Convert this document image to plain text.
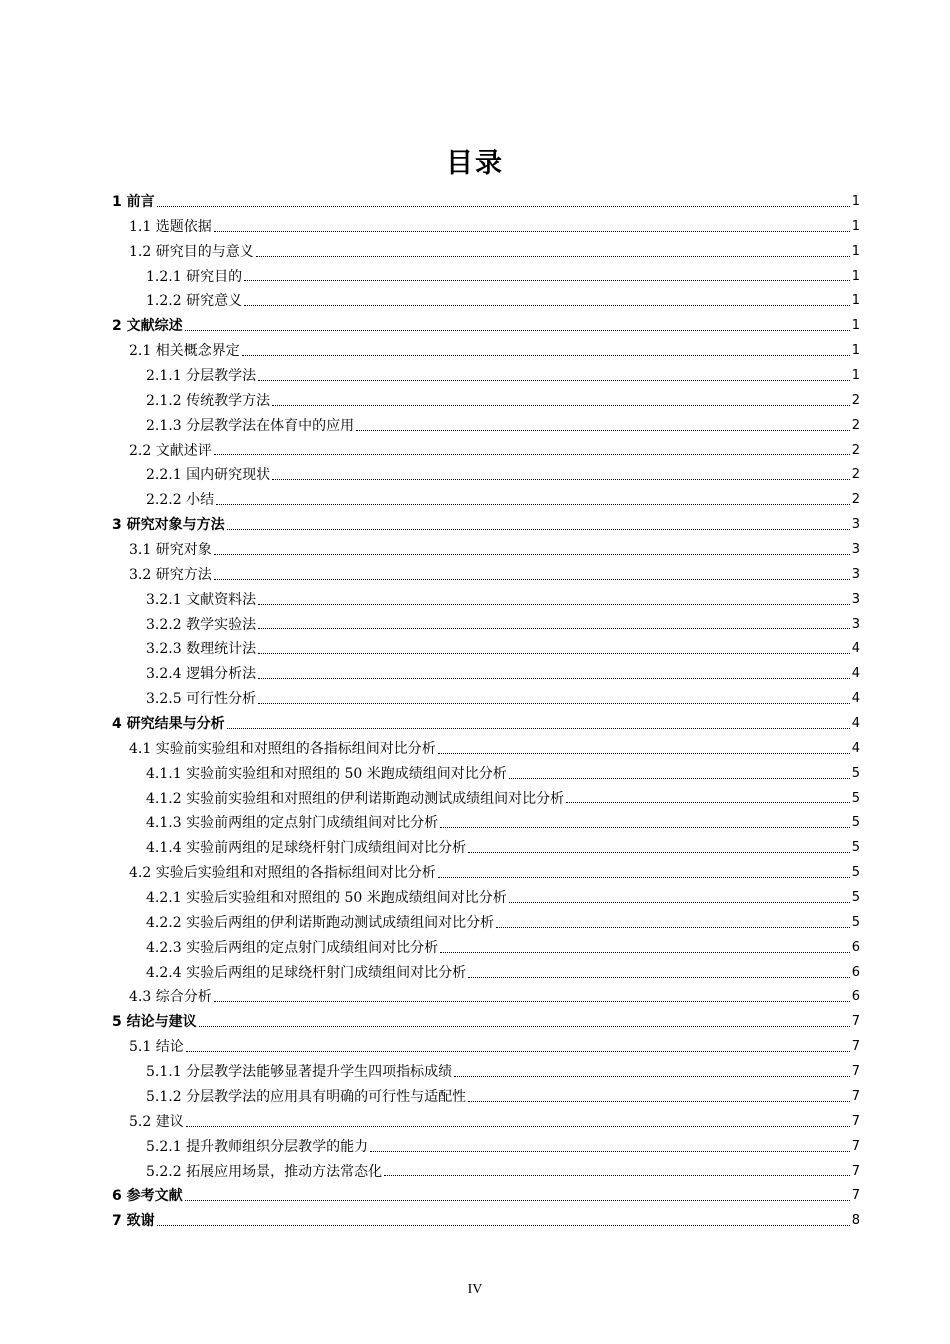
目录
1 前言	1
1.1 选题依据	1
1.2 研究目的与意义	1
1.2.1 研究目的	1
1.2.2 研究意义	1
2 文献综述	1
2.1 相关概念界定	1
2.1.1 分层教学法	1
2.1.2 传统教学方法	2
2.1.3 分层教学法在体育中的应用	2
2.2 文献述评	2
2.2.1 国内研究现状	2
2.2.2 小结	2
3 研究对象与方法	3
3.1 研究对象	3
3.2 研究方法	3
3.2.1 文献资料法	3
3.2.2 教学实验法	3
3.2.3 数理统计法	4
3.2.4 逻辑分析法	4
3.2.5 可行性分析	4
4 研究结果与分析	4
4.1 实验前实验组和对照组的各指标组间对比分析	4
4.1.1 实验前实验组和对照组的 50 米跑成绩组间对比分析	5
4.1.2 实验前实验组和对照组的伊利诺斯跑动测试成绩组间对比分析	5
4.1.3 实验前两组的定点射门成绩组间对比分析	5
4.1.4 实验前两组的足球绕杆射门成绩组间对比分析	5
4.2 实验后实验组和对照组的各指标组间对比分析	5
4.2.1 实验后实验组和对照组的 50 米跑成绩组间对比分析	5
4.2.2 实验后两组的伊利诺斯跑动测试成绩组间对比分析	5
4.2.3 实验后两组的定点射门成绩组间对比分析	6
4.2.4 实验后两组的足球绕杆射门成绩组间对比分析	6
4.3 综合分析	6
5 结论与建议	7
5.1 结论	7
5.1.1 分层教学法能够显著提升学生四项指标成绩	7
5.1.2 分层教学法的应用具有明确的可行性与适配性	7
5.2 建议	7
5.2.1 提升教师组织分层教学的能力	7
5.2.2 拓展应用场景，推动方法常态化	7
6 参考文献	7
7 致谢	8
IV
